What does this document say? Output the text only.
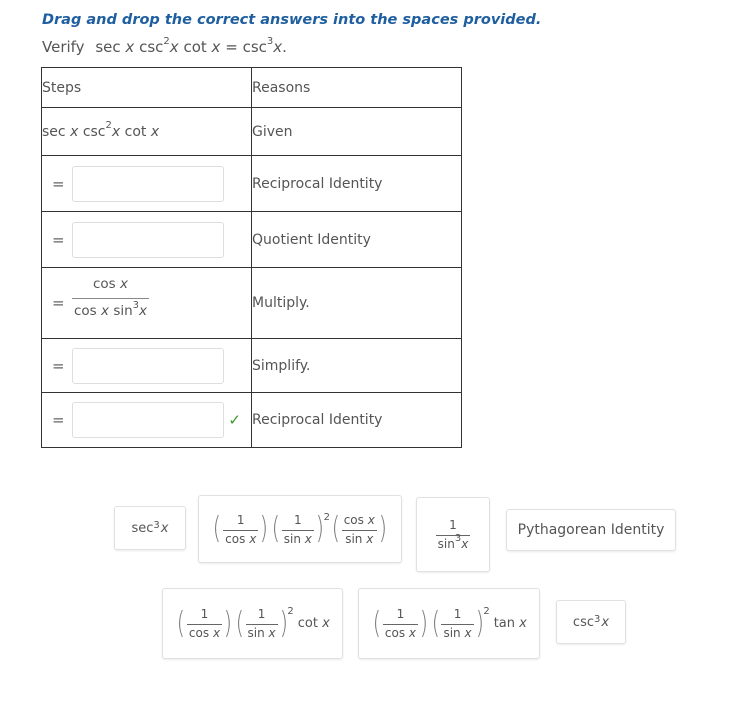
Drag and drop the correct answers into the spaces provided.
Verify sec x $\csc^2x$ $\cot x = \csc^3x$.
Steps	Reasons
sec x $\csc^2x$ cot x	Given

=	Reciprocal Identity

=	Quotient Identity

= $\frac{\text{cos x}}{\cos x \sin^3x}$	Multiply.

=	Simplify.

= ✓	Reciprocal Identity
$\sec^3 x$ ( $\frac{1}{\text{cos x}}$ ) ( $\frac{1}{\text{sin x}}$ ) 2 ( $\frac{\text{cos x}}{\text{sin x}}$ )	$\frac{1}{\sin^3x}$	Pythagorean Identity
( $\frac{1}{\text{cos x}}$ ) ( $\frac{1}{\text{sin x}}$ ) 2
cot
x ( $\frac{1}{\text{cos x}}$ ) ( $\frac{1}{\text{sin x}}$ ) 2
tan
x	$\csc^3 x$
